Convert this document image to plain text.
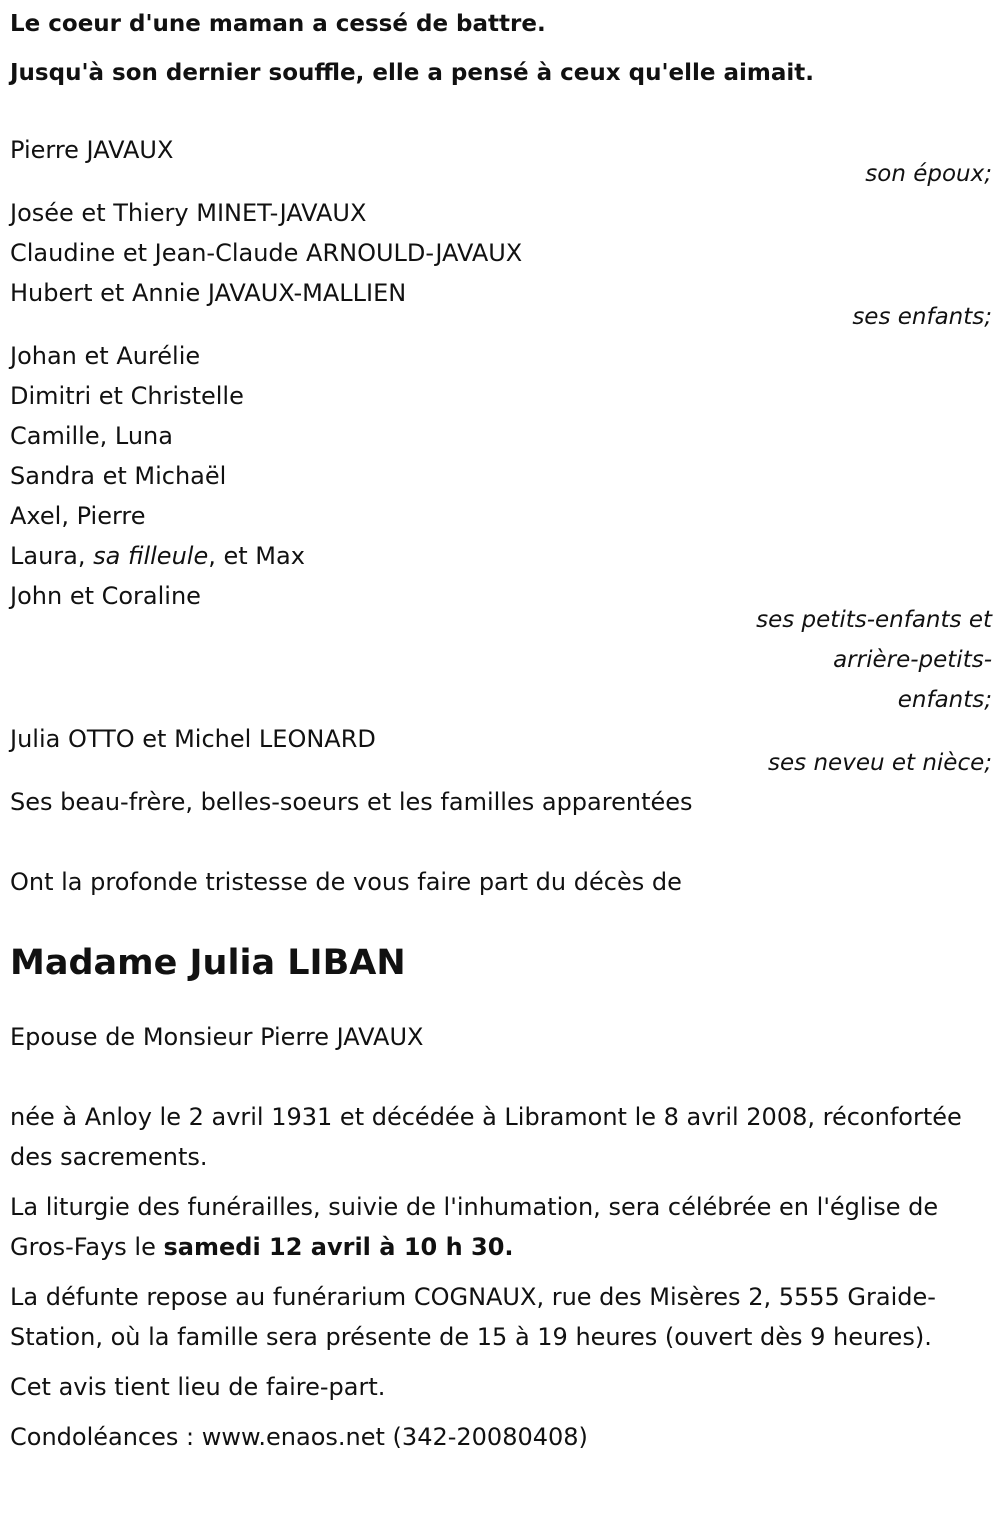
Le coeur d'une maman a cessé de battre.

Jusqu'à son dernier souffle, elle a pensé à ceux qu'elle aimait.

Pierre JAVAUX

son époux;

Josée et Thiery MINET-JAVAUX

Claudine et Jean-Claude ARNOULD-JAVAUX

Hubert et Annie JAVAUX-MALLIEN

ses enfants;

Johan et Aurélie

Dimitri et Christelle

Camille, Luna

Sandra et Michaël

Axel, Pierre

Laura, sa filleule, et Max

John et Coraline

ses petits-enfants et arrière-petits-enfants;

Julia OTTO et Michel LEONARD

ses neveu et nièce;

Ses beau-frère, belles-soeurs et les familles apparentées

Ont la profonde tristesse de vous faire part du décès de

Madame Julia LIBAN

Epouse de Monsieur Pierre JAVAUX

née à Anloy le 2 avril 1931 et décédée à Libramont le 8 avril 2008, réconfortée des sacrements.

La liturgie des funérailles, suivie de l'inhumation, sera célébrée en l'église de Gros-Fays le samedi 12 avril à 10 h 30.

La défunte repose au funérarium COGNAUX, rue des Misères 2, 5555 Graide-Station, où la famille sera présente de 15 à 19 heures (ouvert dès 9 heures).

Cet avis tient lieu de faire-part.

Condoléances : www.enaos.net (342-20080408)
